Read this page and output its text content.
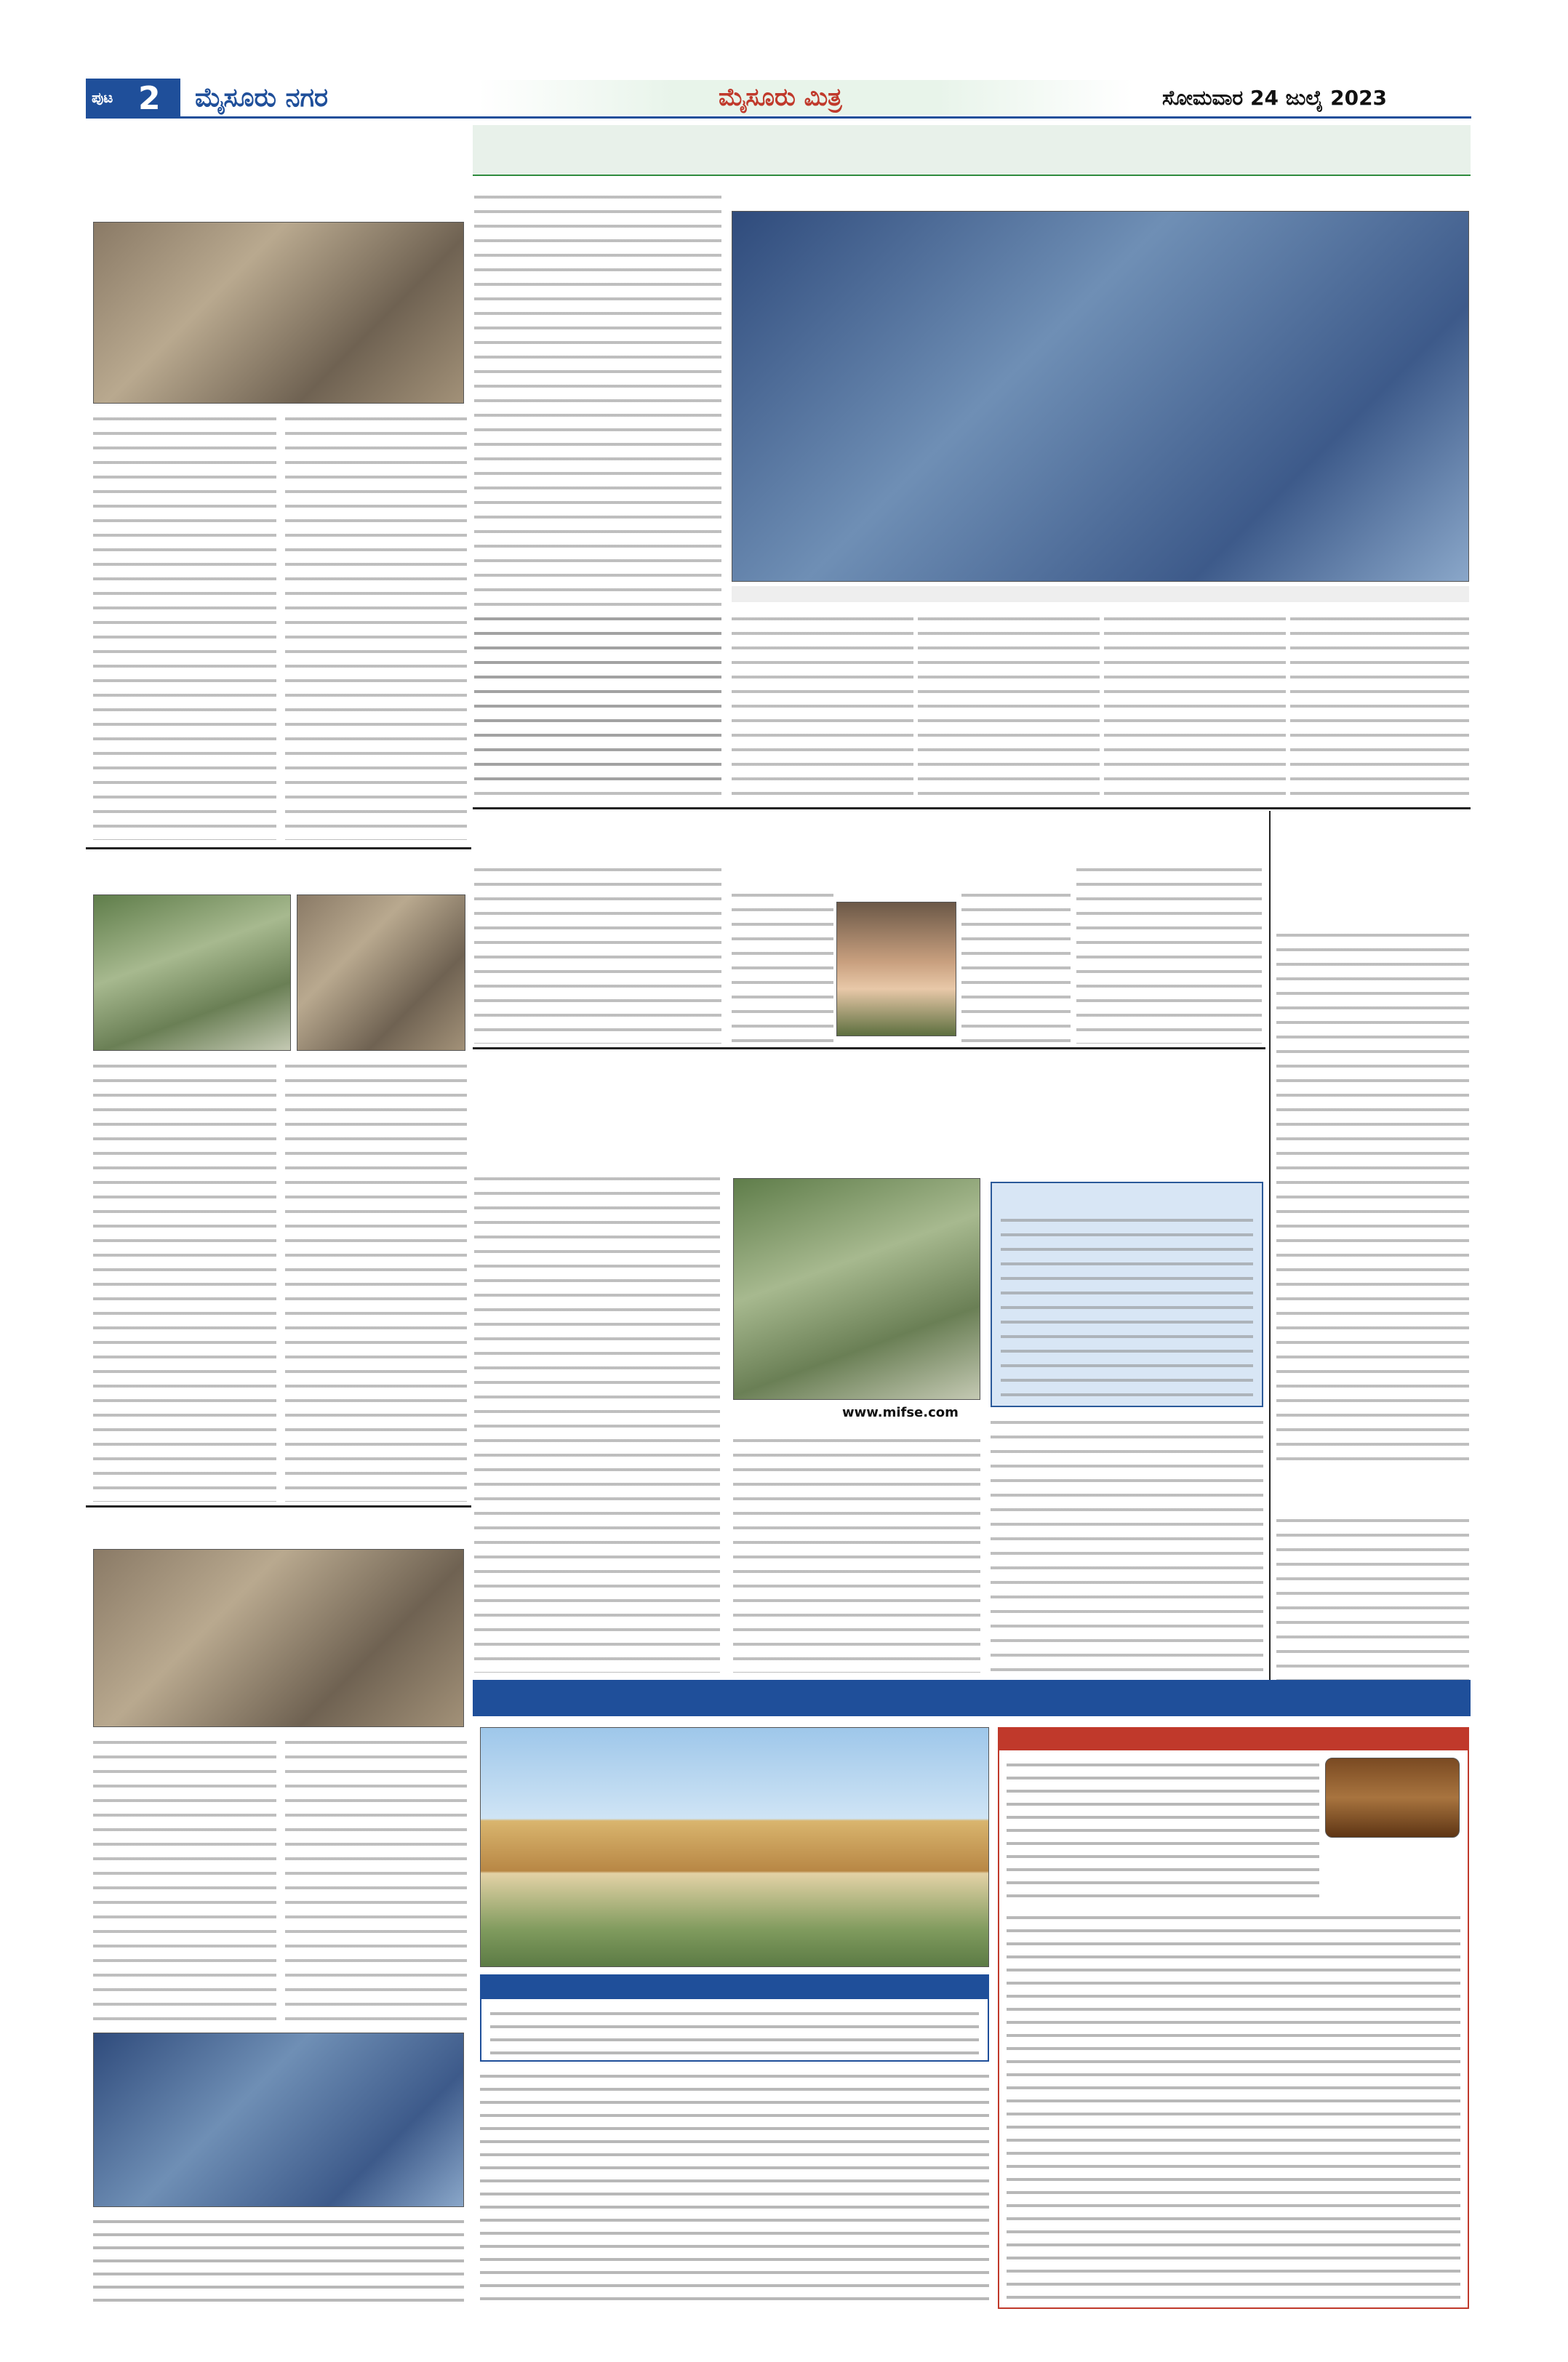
ಪುಟ 2 ಮೈಸೂರು ನಗರ	ಮೈಸೂರು ಮಿತ್ರ	ಸೋಮವಾರ 24 ಜುಲೈ 2023
www.mifse.com
